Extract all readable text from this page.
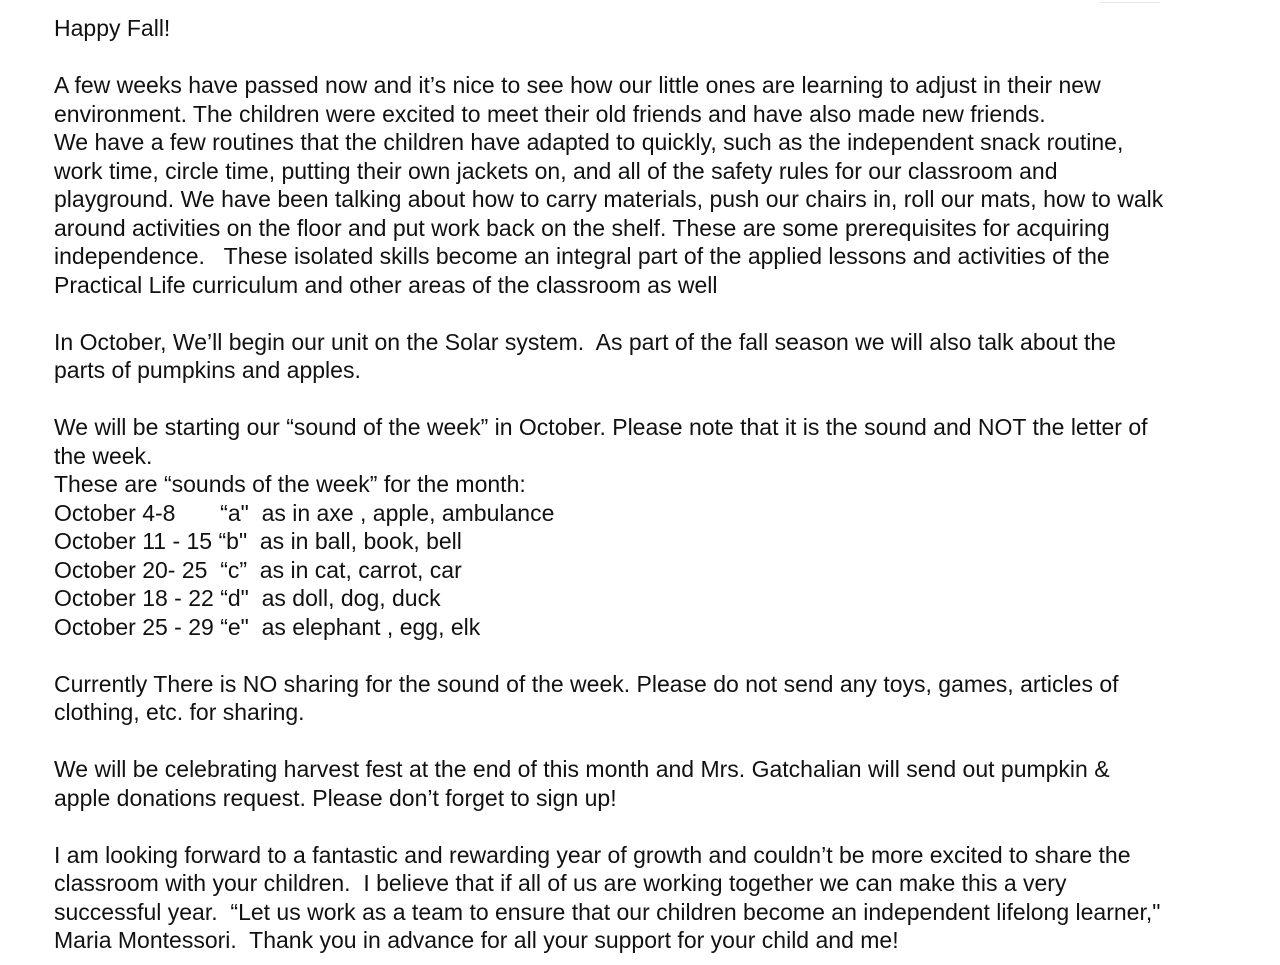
Happy Fall!
A few weeks have passed now and it’s nice to see how our little ones are learning to adjust in their new
environment. The children were excited to meet their old friends and have also made new friends.
We have a few routines that the children have adapted to quickly, such as the independent snack routine,
work time, circle time, putting their own jackets on, and all of the safety rules for our classroom and
playground. We have been talking about how to carry materials, push our chairs in, roll our mats, how to walk
around activities on the floor and put work back on the shelf. These are some prerequisites for acquiring
independence.   These isolated skills become an integral part of the applied lessons and activities of the
Practical Life curriculum and other areas of the classroom as well
In October, We’ll begin our unit on the Solar system.  As part of the fall season we will also talk about the
parts of pumpkins and apples.
We will be starting our “sound of the week” in October. Please note that it is the sound and NOT the letter of
the week.
These are “sounds of the week” for the month:
October 4-8       “a"  as in axe , apple, ambulance
October 11 - 15 “b"  as in ball, book, bell
October 20- 25  “c”  as in cat, carrot, car
October 18 - 22 “d"  as doll, dog, duck
October 25 - 29 “e"  as elephant , egg, elk
Currently There is NO sharing for the sound of the week. Please do not send any toys, games, articles of
clothing, etc. for sharing.
We will be celebrating harvest fest at the end of this month and Mrs. Gatchalian will send out pumpkin &
apple donations request. Please don’t forget to sign up!
I am looking forward to a fantastic and rewarding year of growth and couldn’t be more excited to share the
classroom with your children.  I believe that if all of us are working together we can make this a very
successful year.  “Let us work as a team to ensure that our children become an independent lifelong learner,"
Maria Montessori.  Thank you in advance for all your support for your child and me!
